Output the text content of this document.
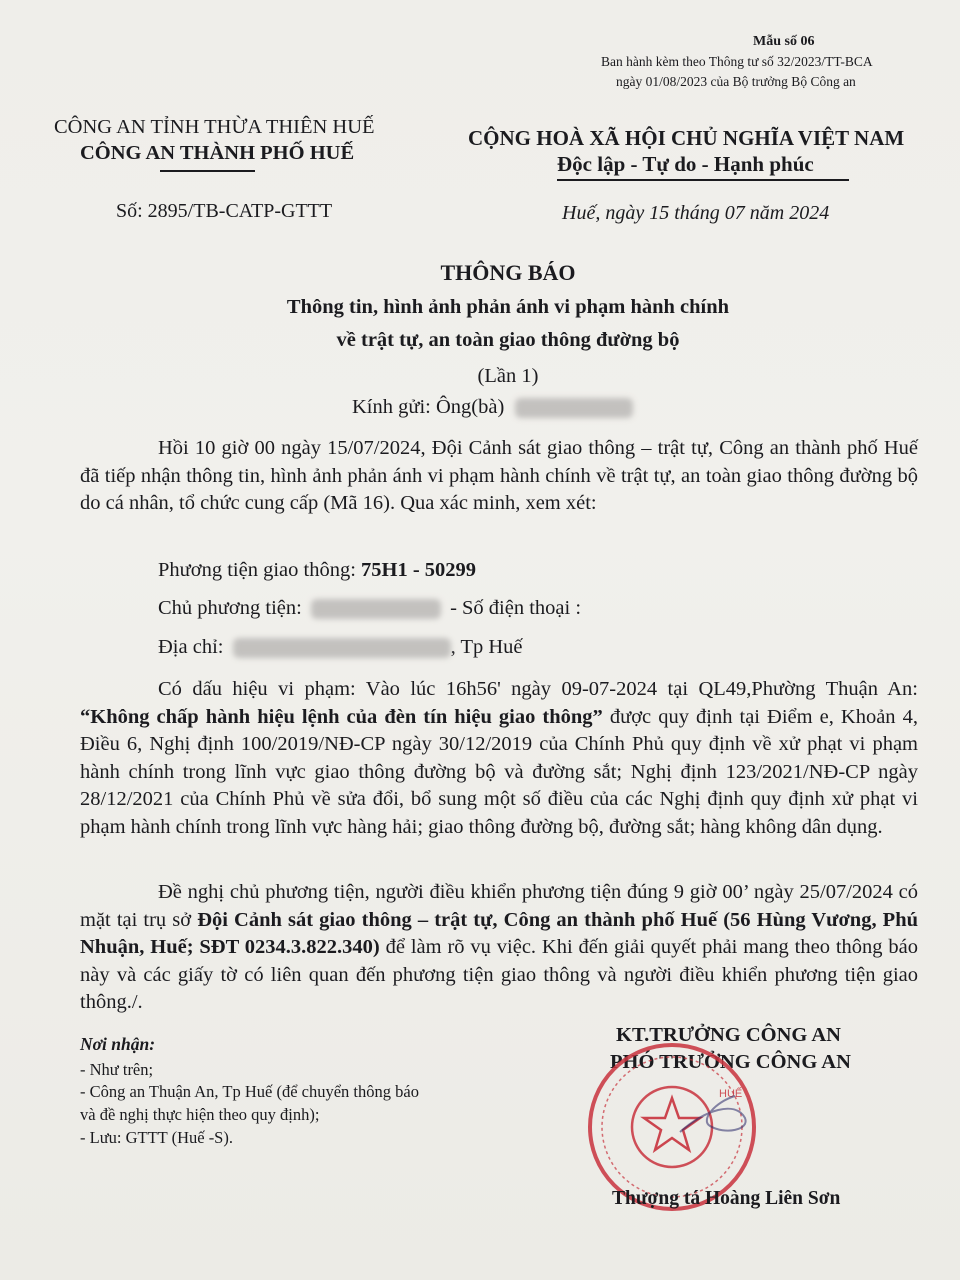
Mẫu số 06
Ban hành kèm theo Thông tư số 32/2023/TT-BCA
ngày 01/08/2023 của Bộ trưởng Bộ Công an
CÔNG AN TỈNH THỪA THIÊN HUẾ
CÔNG AN THÀNH PHỐ HUẾ
Số: 2895/TB-CATP-GTTT
CỘNG HOÀ XÃ HỘI CHỦ NGHĨA VIỆT NAM
Độc lập - Tự do - Hạnh phúc
Huế, ngày 15 tháng 07 năm 2024
THÔNG BÁO
Thông tin, hình ảnh phản ánh vi phạm hành chính
về trật tự, an toàn giao thông đường bộ
(Lần 1)
Kính gửi: Ông(bà)
Hồi 10 giờ 00 ngày 15/07/2024, Đội Cảnh sát giao thông – trật tự, Công an thành phố Huế đã tiếp nhận thông tin, hình ảnh phản ánh vi phạm hành chính về trật tự, an toàn giao thông đường bộ do cá nhân, tổ chức cung cấp (Mã 16). Qua xác minh, xem xét:
Phương tiện giao thông: 75H1 - 50299
Chủ phương tiện:	- Số điện thoại :
Địa chỉ:	, Tp Huế
Có dấu hiệu vi phạm: Vào lúc 16h56' ngày 09-07-2024 tại QL49,Phường Thuận An: “Không chấp hành hiệu lệnh của đèn tín hiệu giao thông” được quy định tại Điểm e, Khoản 4, Điều 6, Nghị định 100/2019/NĐ-CP ngày 30/12/2019 của Chính Phủ quy định về xử phạt vi phạm hành chính trong lĩnh vực giao thông đường bộ và đường sắt; Nghị định 123/2021/NĐ-CP ngày 28/12/2021 của Chính Phủ về sửa đổi, bổ sung một số điều của các Nghị định quy định xử phạt vi phạm hành chính trong lĩnh vực hàng hải; giao thông đường bộ, đường sắt; hàng không dân dụng.
Đề nghị chủ phương tiện, người điều khiển phương tiện đúng 9 giờ 00’ ngày 25/07/2024 có mặt tại trụ sở Đội Cảnh sát giao thông – trật tự, Công an thành phố Huế (56 Hùng Vương, Phú Nhuận, Huế; SĐT 0234.3.822.340) để làm rõ vụ việc. Khi đến giải quyết phải mang theo thông báo này và các giấy tờ có liên quan đến phương tiện giao thông và người điều khiển phương tiện giao thông./.
Nơi nhận:
- Như trên;
- Công an Thuận An, Tp Huế (để chuyển thông báo
và đề nghị thực hiện theo quy định);
- Lưu: GTTT (Huế -S).
KT.TRƯỞNG CÔNG AN
PHÓ TRƯỞNG CÔNG AN
HUẾ
Thượng tá Hoàng Liên Sơn
